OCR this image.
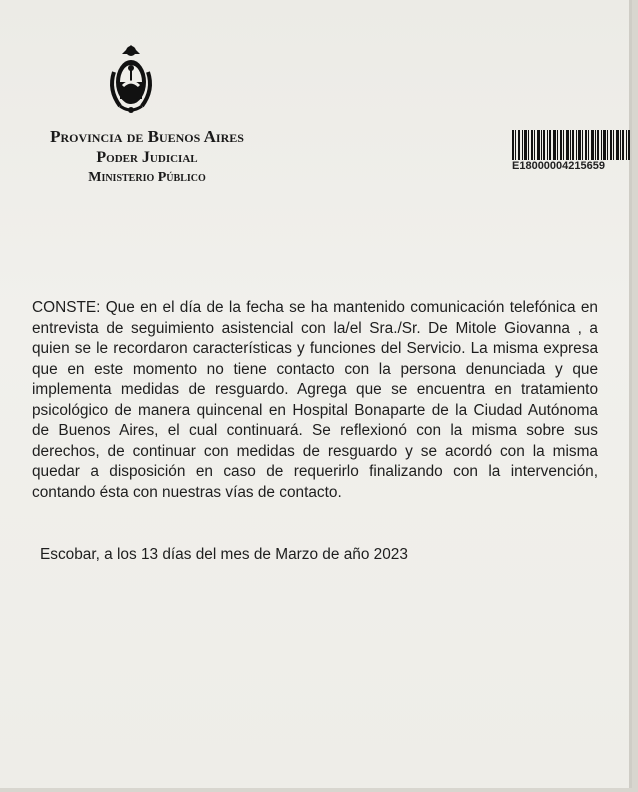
Provincia de Buenos Aires
Poder Judicial
Ministerio Público
E18000004215659
CONSTE: Que en el día de la fecha se ha mantenido comunicación telefónica en entrevista de seguimiento asistencial con la/el Sra./Sr. De Mitole Giovanna , a quien se le recordaron características y funciones del Servicio. La misma expresa que en este momento no tiene contacto con la persona denunciada y que implementa medidas de resguardo. Agrega que se encuentra en tratamiento psicológico de manera quincenal en Hospital Bonaparte de la Ciudad Autónoma de Buenos Aires, el cual continuará. Se reflexionó con la misma sobre sus derechos, de continuar con medidas de resguardo y se acordó con la misma quedar a disposición en caso de requerirlo finalizando con la intervención, contando ésta con nuestras vías de contacto.
Escobar, a los 13 días del mes de Marzo de año 2023
